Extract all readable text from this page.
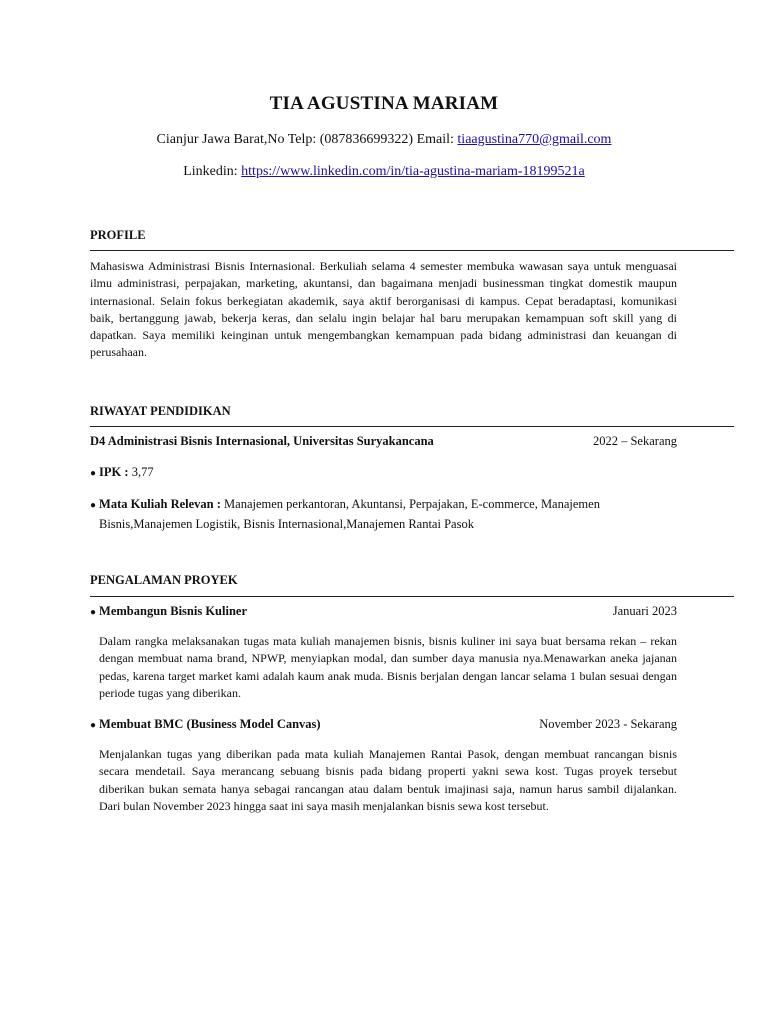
TIA AGUSTINA MARIAM
Cianjur Jawa Barat,No Telp: (087836699322) Email: tiaagustina770@gmail.com
Linkedin: https://www.linkedin.com/in/tia-agustina-mariam-18199521a
PROFILE
Mahasiswa Administrasi Bisnis Internasional. Berkuliah selama 4 semester membuka wawasan saya untuk menguasai ilmu administrasi, perpajakan, marketing, akuntansi, dan bagaimana menjadi businessman tingkat domestik maupun internasional. Selain fokus berkegiatan akademik, saya aktif berorganisasi di kampus. Cepat beradaptasi, komunikasi baik, bertanggung jawab, bekerja keras, dan selalu ingin belajar hal baru merupakan kemampuan soft skill yang di dapatkan. Saya memiliki keinginan untuk mengembangkan kemampuan pada bidang administrasi dan keuangan di perusahaan.
RIWAYAT PENDIDIKAN
D4 Administrasi Bisnis Internasional, Universitas Suryakancana	2022 – Sekarang
● IPK : 3,77
● Mata Kuliah Relevan : Manajemen perkantoran, Akuntansi, Perpajakan, E-commerce, Manajemen
Bisnis,Manajemen Logistik, Bisnis Internasional,Manajemen Rantai Pasok
PENGALAMAN PROYEK
● Membangun Bisnis Kuliner	Januari 2023
Dalam rangka melaksanakan tugas mata kuliah manajemen bisnis, bisnis kuliner ini saya buat bersama rekan – rekan dengan membuat nama brand, NPWP, menyiapkan modal, dan sumber daya manusia nya.Menawarkan aneka jajanan pedas, karena target market kami adalah kaum anak muda. Bisnis berjalan dengan lancar selama 1 bulan sesuai dengan periode tugas yang diberikan.
● Membuat BMC (Business Model Canvas)	November 2023 - Sekarang
Menjalankan tugas yang diberikan pada mata kuliah Manajemen Rantai Pasok, dengan membuat rancangan bisnis secara mendetail. Saya merancang sebuang bisnis pada bidang properti yakni sewa kost. Tugas proyek tersebut diberikan bukan semata hanya sebagai rancangan atau dalam bentuk imajinasi saja, namun harus sambil dijalankan. Dari bulan November 2023 hingga saat ini saya masih menjalankan bisnis sewa kost tersebut.
